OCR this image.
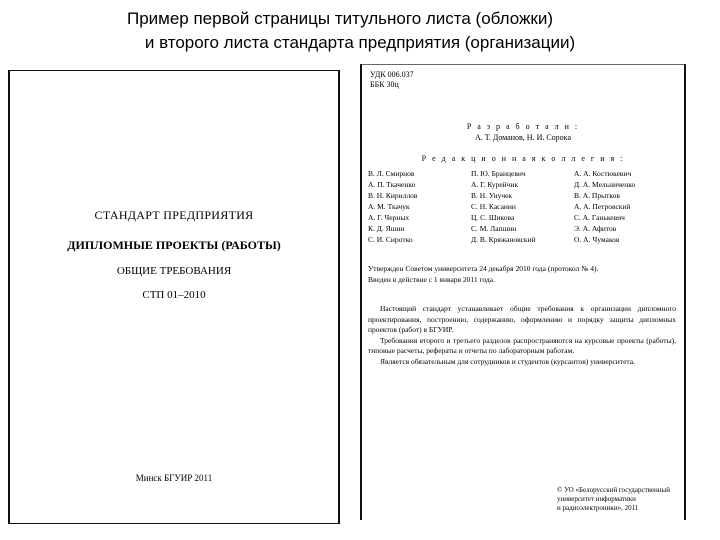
Пример первой страницы титульного листа (обложки)
и второго листа стандарта предприятия (организации)
СТАНДАРТ ПРЕДПРИЯТИЯ
ДИПЛОМНЫЕ ПРОЕКТЫ (РАБОТЫ)
ОБЩИЕ ТРЕБОВАНИЯ
СТП 01–2010
Минск БГУИР 2011
УДК 006.037
ББК 30ц
Р а з р а б о т а л и :
А. Т. Доманов, Н. И. Сорока
Р е д а к ц и о н н а я к о л л е г и я :
В. Л. Смирнов	П. Ю. Бранцевич	А. А. Костюкевич
А. П. Ткаченко	А. Г. Курейчик	Д. А. Мельниченко
В. Н. Кириллов	В. Н. Унучек	В. А. Прытков
А. М. Ткачук	С. Н. Касанин	А. А. Петровский
А. Г. Черных	Ц. С. Шикова	С. А. Ганькевич
К. Д. Яшин	С. М. Лапшин	Э. А. Афитов
С. И. Сиротко	Д. В. Кряжановский	О. А. Чумаков
Утвержден Советом университета 24 декабря 2010 года (протокол № 4).
Введен в действие с 1 января 2011 года.

Настоящий стандарт устанавливает общие требования к организации дипломного проектирования, построению, содержанию, оформлению и порядку защиты дипломных проектов (работ) в БГУИР.

Требования второго и третьего разделов распространяются на курсовые проекты (работы), типовые расчеты, рефераты и отчеты по лабораторным работам.

Является обязательным для сотрудников и студентов (курсантов) университета.

© УО «Белорусский государственный
университет информатики
и радиоэлектроники», 2011
